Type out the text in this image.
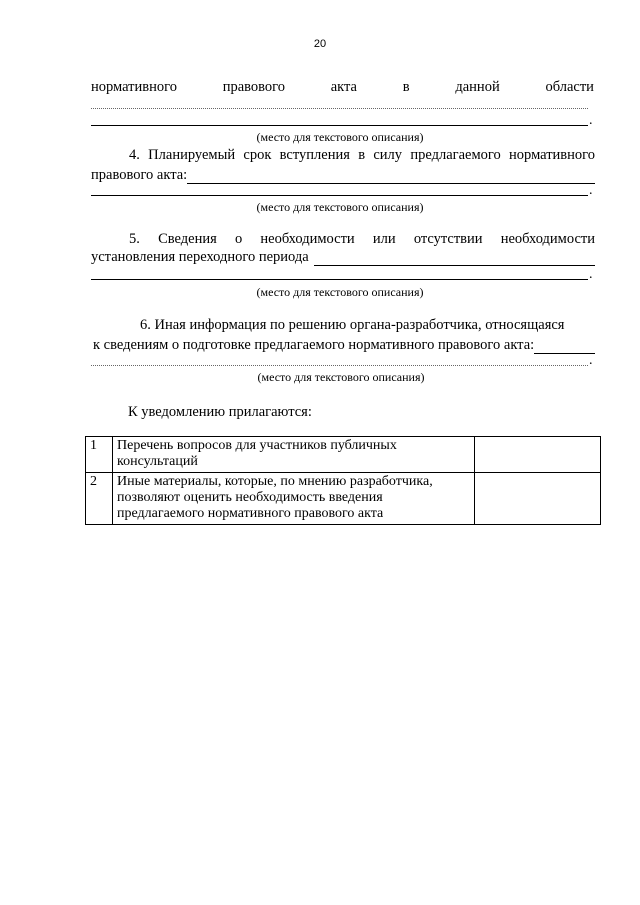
20
нормативного	правового	акта	в	данной	области
.
(место для текстового описания)
4. Планируемый срок вступления в силу предлагаемого нормативного
правового акта:
.
(место для текстового описания)
5. Сведения о необходимости или отсутствии необходимости
установления переходного периода
.
(место для текстового описания)
6. Иная информация по решению органа-разработчика, относящаяся
к сведениям о подготовке предлагаемого нормативного правового акта:
.
(место для текстового описания)
К уведомлению прилагаются:
1	Перечень вопросов для участников публичных консультаций	
2	Иные материалы, которые, по мнению разработчика, позволяют оценить необходимость введения предлагаемого нормативного правового акта	
